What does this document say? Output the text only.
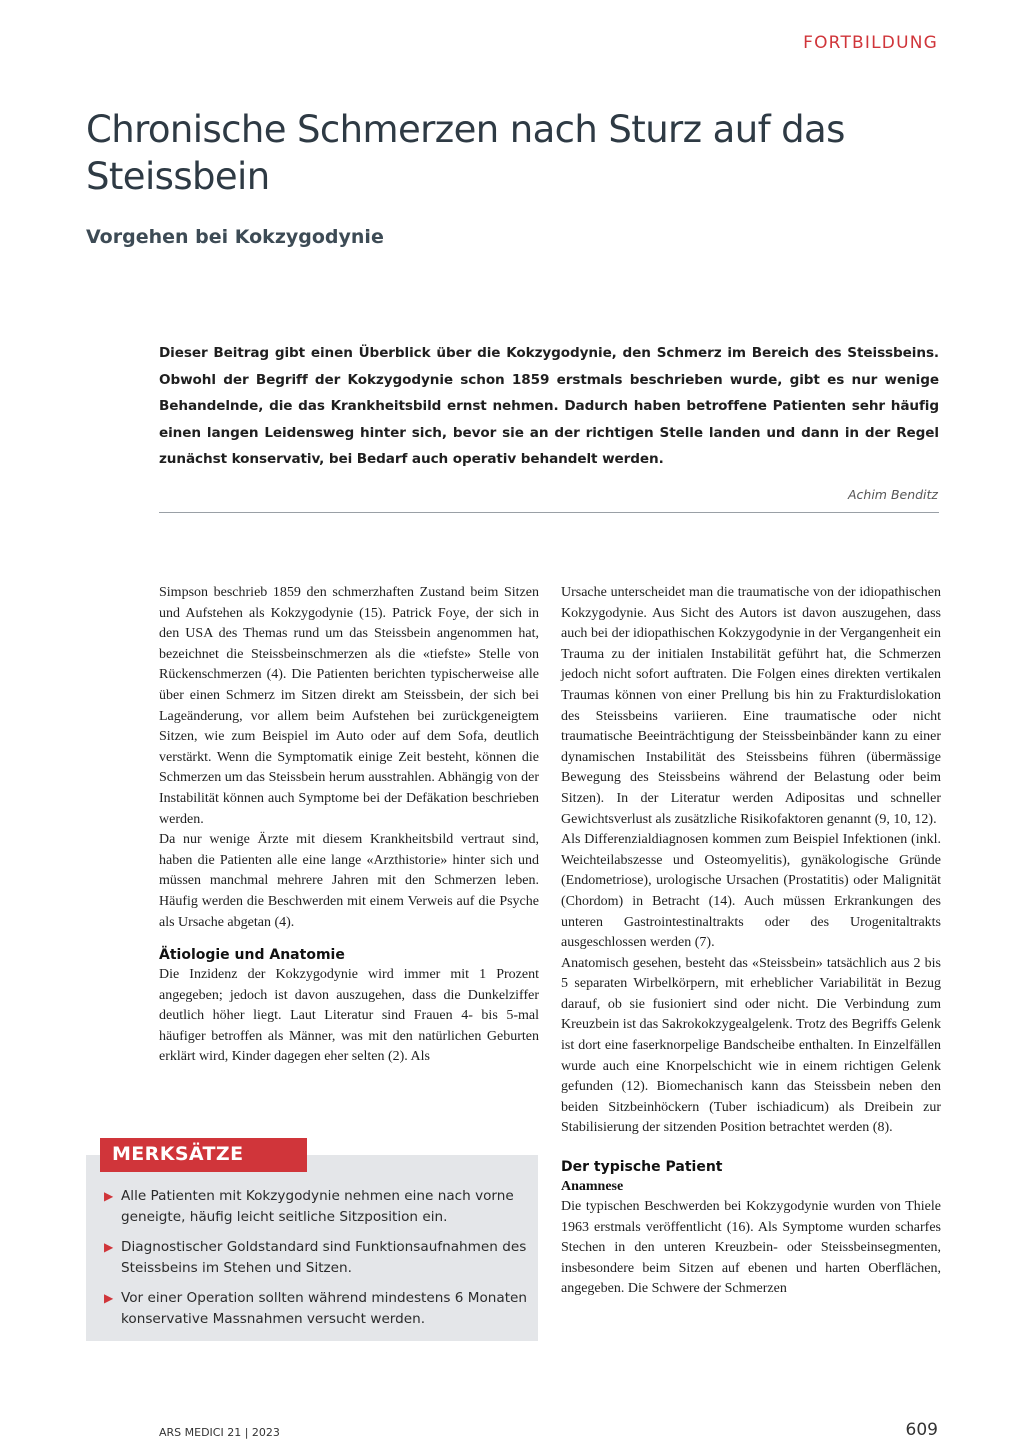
FORTBILDUNG
Chronische Schmerzen nach Sturz auf das Steissbein
Vorgehen bei Kokzygodynie

Dieser Beitrag gibt einen Überblick über die Kokzygodynie, den Schmerz im Bereich des Steissbeins. Obwohl der Begriff der Kokzygodynie schon 1859 erstmals beschrieben wurde, gibt es nur wenige Behandelnde, die das Krankheitsbild ernst nehmen. Dadurch haben betroffene Patienten sehr häufig einen langen Leidensweg hinter sich, bevor sie an der richtigen Stelle landen und dann in der Regel zunächst konservativ, bei Bedarf auch operativ behandelt werden.

Achim Benditz

Simpson beschrieb 1859 den schmerzhaften Zustand beim Sitzen und Aufstehen als Kokzygodynie (15). Patrick Foye, der sich in den USA des Themas rund um das Steissbein angenommen hat, bezeichnet die Steissbeinschmerzen als die «tiefste» Stelle von Rückenschmerzen (4). Die Patienten berichten typischerweise alle über einen Schmerz im Sitzen direkt am Steissbein, der sich bei Lageänderung, vor allem beim Aufstehen bei zurückgeneigtem Sitzen, wie zum Beispiel im Auto oder auf dem Sofa, deutlich verstärkt. Wenn die Symptomatik einige Zeit besteht, können die Schmerzen um das Steissbein herum ausstrahlen. Abhängig von der Instabilität können auch Symptome bei der Defäkation beschrieben werden.

Da nur wenige Ärzte mit diesem Krankheitsbild vertraut sind, haben die Patienten alle eine lange «Arzthistorie» hinter sich und müssen manchmal mehrere Jahren mit den Schmerzen leben. Häufig werden die Beschwerden mit einem Verweis auf die Psyche als Ursache abgetan (4).

Ätiologie und Anatomie

Die Inzidenz der Kokzygodynie wird immer mit 1 Prozent angegeben; jedoch ist davon auszugehen, dass die Dunkelziffer deutlich höher liegt. Laut Literatur sind Frauen 4- bis 5-mal häufiger betroffen als Männer, was mit den natürlichen Geburten erklärt wird, Kinder dagegen eher selten (2). Als

Ursache unterscheidet man die traumatische von der idiopathischen Kokzygodynie. Aus Sicht des Autors ist davon auszugehen, dass auch bei der idiopathischen Kokzygodynie in der Vergangenheit ein Trauma zu der initialen Instabilität geführt hat, die Schmerzen jedoch nicht sofort auftraten. Die Folgen eines direkten vertikalen Traumas können von einer Prellung bis hin zu Frakturdislokation des Steissbeins variieren. Eine traumatische oder nicht traumatische Beeinträchtigung der Steissbeinbänder kann zu einer dynamischen Instabilität des Steissbeins führen (übermässige Bewegung des Steissbeins während der Belastung oder beim Sitzen). In der Literatur werden Adipositas und schneller Gewichtsverlust als zusätzliche Risikofaktoren genannt (9, 10, 12).

Als Differenzialdiagnosen kommen zum Beispiel Infektionen (inkl. Weichteilabszesse und Osteomyelitis), gynäkologische Gründe (Endometriose), urologische Ursachen (Prostatitis) oder Malignität (Chordom) in Betracht (14). Auch müssen Erkrankungen des unteren Gastrointestinaltrakts oder des Urogenitaltrakts ausgeschlossen werden (7).

Anatomisch gesehen, besteht das «Steissbein» tatsächlich aus 2 bis 5 separaten Wirbelkörpern, mit erheblicher Variabilität in Bezug darauf, ob sie fusioniert sind oder nicht. Die Verbindung zum Kreuzbein ist das Sakrokokzygealgelenk. Trotz des Begriffs Gelenk ist dort eine faserknorpelige Bandscheibe enthalten. In Einzelfällen wurde auch eine Knorpelschicht wie in einem richtigen Gelenk gefunden (12). Biomechanisch kann das Steissbein neben den beiden Sitzbeinhöckern (Tuber ischiadicum) als Dreibein zur Stabilisierung der sitzenden Position betrachtet werden (8).

Der typische Patient
Anamnese

Die typischen Beschwerden bei Kokzygodynie wurden von Thiele 1963 erstmals veröffentlicht (16). Als Symptome wurden scharfes Stechen in den unteren Kreuzbein- oder Steissbeinsegmenten, insbesondere beim Sitzen auf ebenen und harten Oberflächen, angegeben. Die Schwere der Schmerzen

MERKSÄTZE
▶ Alle Patienten mit Kokzygodynie nehmen eine nach vorne geneigte, häufig leicht seitliche Sitzposition ein.
▶ Diagnostischer Goldstandard sind Funktionsaufnahmen des Steissbeins im Stehen und Sitzen.
▶ Vor einer Operation sollten während mindestens 6 Monaten konservative Massnahmen versucht werden.
ARS MEDICI 21 | 2023	609
